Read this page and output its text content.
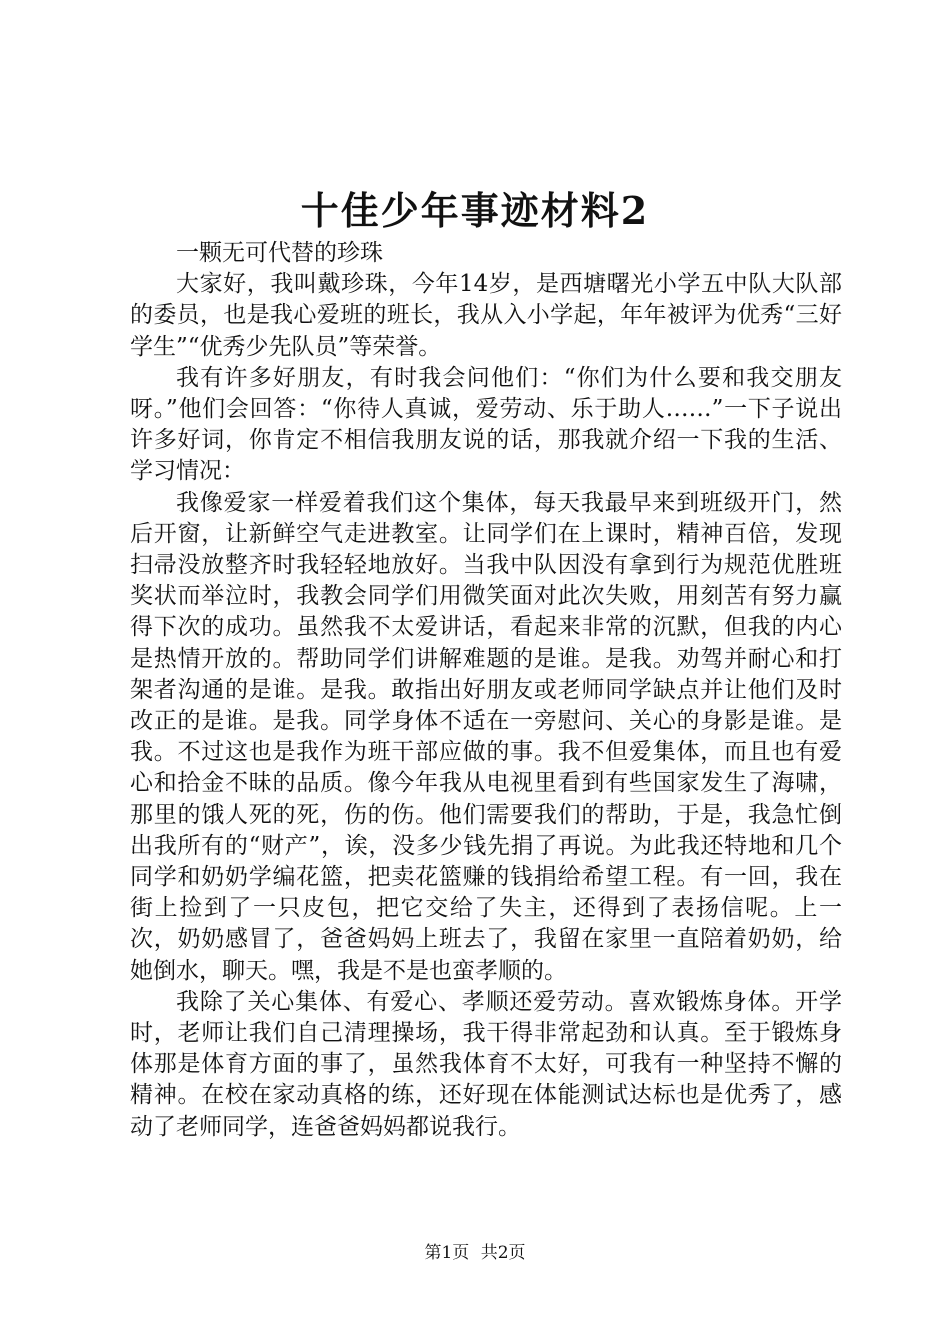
十佳少年事迹材料2

一颗无可代替的珍珠

大家好，我叫戴珍珠，今年14岁，是西塘曙光小学五中队大队部的委员，也是我心爱班的班长，我从入小学起，年年被评为优秀“三好学生”“优秀少先队员”等荣誉。

我有许多好朋友，有时我会问他们：“你们为什么要和我交朋友呀。”他们会回答：“你待人真诚，爱劳动、乐于助人……”一下子说出许多好词，你肯定不相信我朋友说的话，那我就介绍一下我的生活、学习情况：

我像爱家一样爱着我们这个集体，每天我最早来到班级开门，然后开窗，让新鲜空气走进教室。让同学们在上课时，精神百倍，发现扫帚没放整齐时我轻轻地放好。当我中队因没有拿到行为规范优胜班奖状而举泣时，我教会同学们用微笑面对此次失败，用刻苦有努力赢得下次的成功。虽然我不太爱讲话，看起来非常的沉默，但我的内心是热情开放的。帮助同学们讲解难题的是谁。是我。劝驾并耐心和打架者沟通的是谁。是我。敢指出好朋友或老师同学缺点并让他们及时改正的是谁。是我。同学身体不适在一旁慰问、关心的身影是谁。是我。不过这也是我作为班干部应做的事。我不但爱集体，而且也有爱心和拾金不昧的品质。像今年我从电视里看到有些国家发生了海啸，那里的饿人死的死，伤的伤。他们需要我们的帮助，于是，我急忙倒出我所有的“财产”，诶，没多少钱先捐了再说。为此我还特地和几个同学和奶奶学编花篮，把卖花篮赚的钱捐给希望工程。有一回，我在街上捡到了一只皮包，把它交给了失主，还得到了表扬信呢。上一次，奶奶感冒了，爸爸妈妈上班去了，我留在家里一直陪着奶奶，给她倒水，聊天。嘿，我是不是也蛮孝顺的。

我除了关心集体、有爱心、孝顺还爱劳动。喜欢锻炼身体。开学时，老师让我们自己清理操场，我干得非常起劲和认真。至于锻炼身体那是体育方面的事了，虽然我体育不太好，可我有一种坚持不懈的精神。在校在家动真格的练，还好现在体能测试达标也是优秀了，感动了老师同学，连爸爸妈妈都说我行。

第1页 共2页
